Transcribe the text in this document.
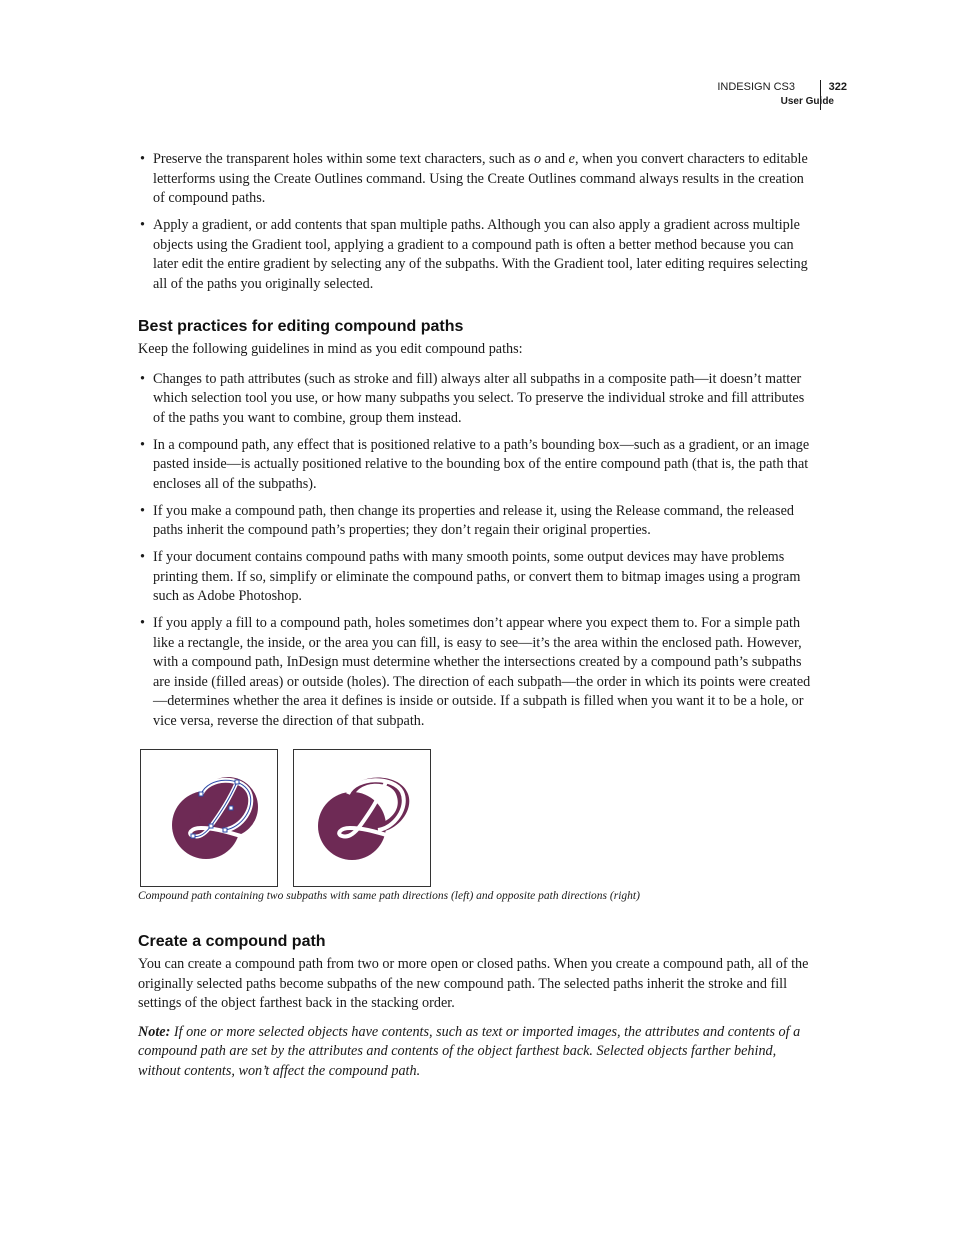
INDESIGN CS3
User Guide
322
• Preserve the transparent holes within some text characters, such as o and e, when you convert characters to editable letterforms using the Create Outlines command. Using the Create Outlines command always results in the creation of compound paths.
• Apply a gradient, or add contents that span multiple paths. Although you can also apply a gradient across multiple objects using the Gradient tool, applying a gradient to a compound path is often a better method because you can later edit the entire gradient by selecting any of the subpaths. With the Gradient tool, later editing requires selecting all of the paths you originally selected.
Best practices for editing compound paths

Keep the following guidelines in mind as you edit compound paths:

• Changes to path attributes (such as stroke and fill) always alter all subpaths in a composite path—it doesn’t matter which selection tool you use, or how many subpaths you select. To preserve the individual stroke and fill attributes of the paths you want to combine, group them instead.
• In a compound path, any effect that is positioned relative to a path’s bounding box—such as a gradient, or an image pasted inside—is actually positioned relative to the bounding box of the entire compound path (that is, the path that encloses all of the subpaths).
• If you make a compound path, then change its properties and release it, using the Release command, the released paths inherit the compound path’s properties; they don’t regain their original properties.
• If your document contains compound paths with many smooth points, some output devices may have problems printing them. If so, simplify or eliminate the compound paths, or convert them to bitmap images using a program such as Adobe Photoshop.
• If you apply a fill to a compound path, holes sometimes don’t appear where you expect them to. For a simple path like a rectangle, the inside, or the area you can fill, is easy to see—it’s the area within the enclosed path. However, with a compound path, InDesign must determine whether the intersections created by a compound path’s subpaths are inside (filled areas) or outside (holes). The direction of each subpath—the order in which its points were created—determines whether the area it defines is inside or outside. If a subpath is filled when you want it to be a hole, or vice versa, reverse the direction of that subpath.
Compound path containing two subpaths with same path directions (left) and opposite path directions (right)
Create a compound path

You can create a compound path from two or more open or closed paths. When you create a compound path, all of the originally selected paths become subpaths of the new compound path. The selected paths inherit the stroke and fill settings of the object farthest back in the stacking order.

Note: If one or more selected objects have contents, such as text or imported images, the attributes and contents of a compound path are set by the attributes and contents of the object farthest back. Selected objects farther behind, without contents, won’t affect the compound path.
